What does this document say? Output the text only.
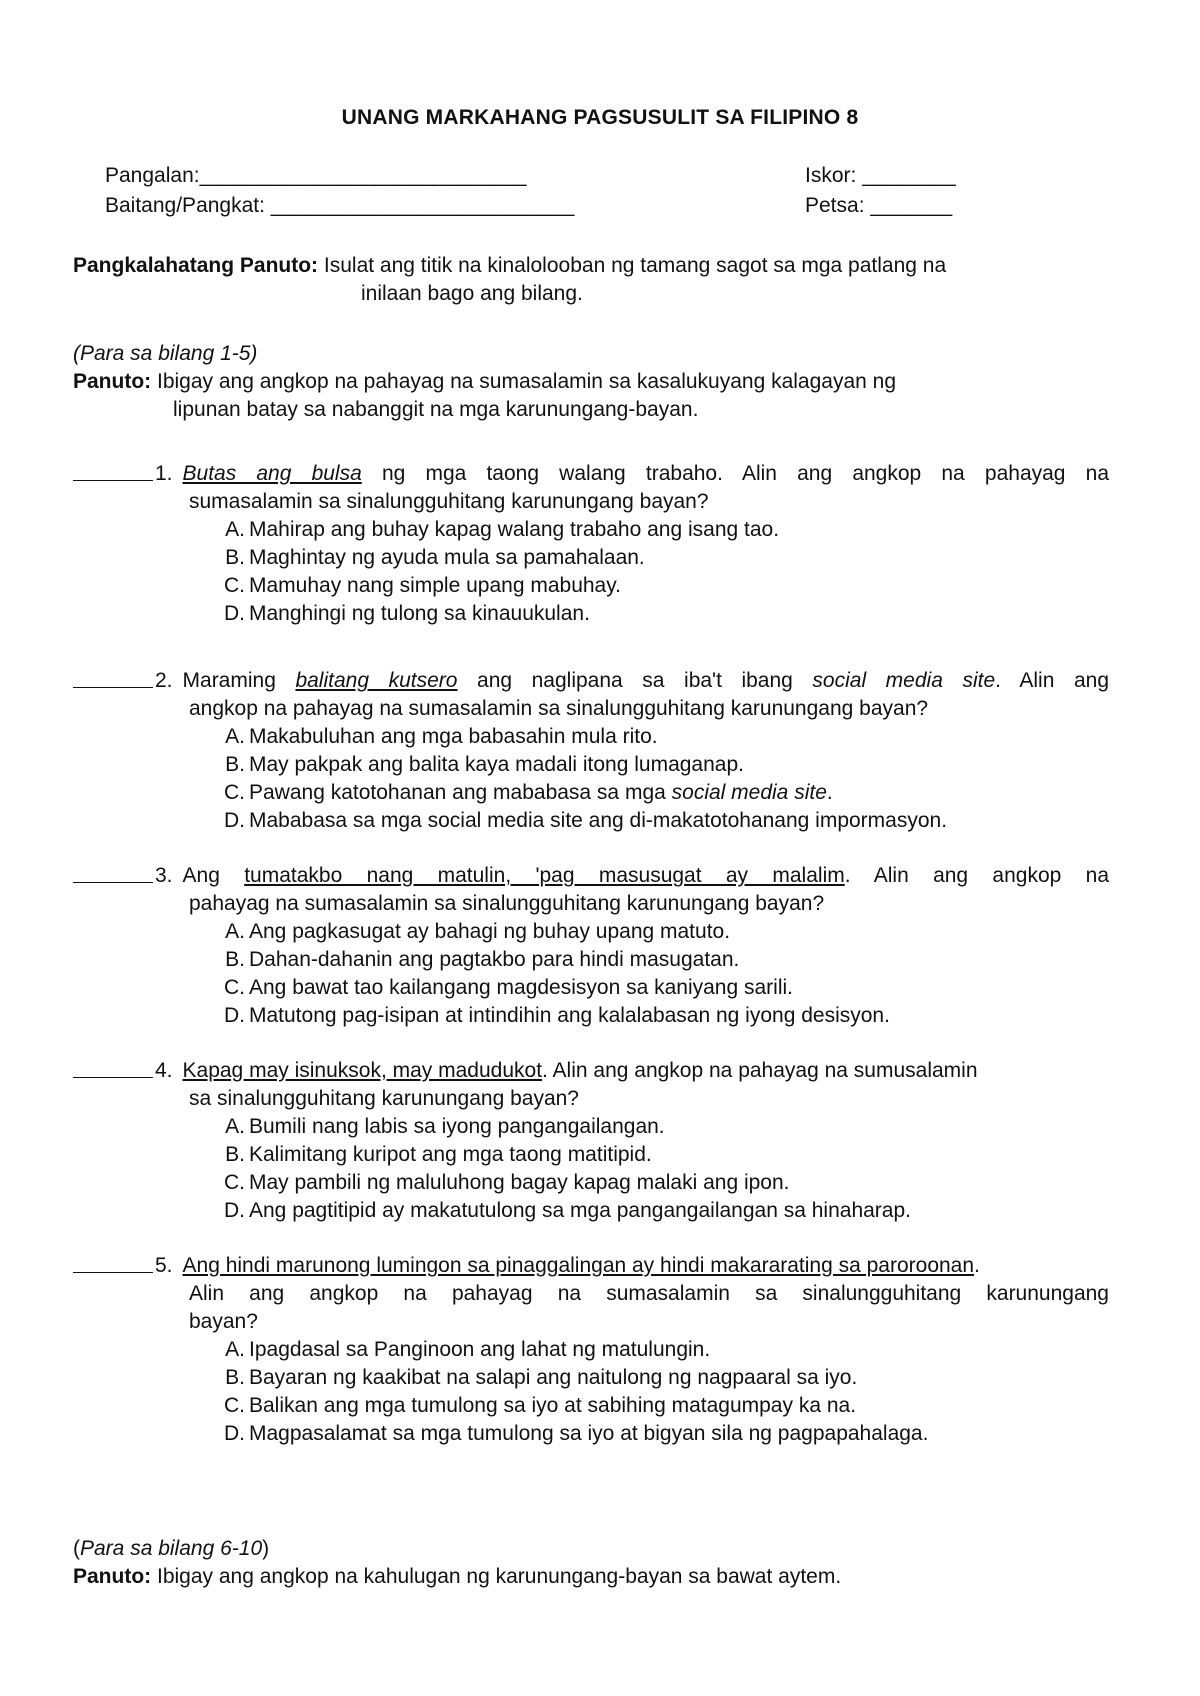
UNANG MARKAHANG PAGSUSULIT SA FILIPINO 8
Pangalan:____________________________	Iskor: ________
Baitang/Pangkat: __________________________	Petsa: _______
Pangkalahatang Panuto: Isulat ang titik na kinalolooban ng tamang sagot sa mga patlang na
inilaan bago ang bilang.
(Para sa bilang 1-5)
Panuto: Ibigay ang angkop na pahayag na sumasalamin sa kasalukuyang kalagayan ng
lipunan batay sa nabanggit na mga karunungang-bayan.
1. Butas ang bulsa ng mga taong walang trabaho. Alin ang angkop na pahayag na
sumasalamin sa sinalungguhitang karunungang bayan?
A. Mahirap ang buhay kapag walang trabaho ang isang tao.
B. Maghintay ng ayuda mula sa pamahalaan.
C. Mamuhay nang simple upang mabuhay.
D. Manghingi ng tulong sa kinauukulan.
2. Maraming balitang kutsero ang naglipana sa iba't ibang social media site. Alin ang
angkop na pahayag na sumasalamin sa sinalungguhitang karunungang bayan?
A. Makabuluhan ang mga babasahin mula rito.
B. May pakpak ang balita kaya madali itong lumaganap.
C. Pawang katotohanan ang mababasa sa mga social media site .
D. Mababasa sa mga social media site ang di-makatotohanang impormasyon.
3. Ang tumatakbo nang matulin, 'pag masusugat ay malalim. Alin ang angkop na
pahayag na sumasalamin sa sinalungguhitang karunungang bayan?
A. Ang pagkasugat ay bahagi ng buhay upang matuto.
B. Dahan-dahanin ang pagtakbo para hindi masugatan.
C. Ang bawat tao kailangang magdesisyon sa kaniyang sarili.
D. Matutong pag-isipan at intindihin ang kalalabasan ng iyong desisyon.
4. Kapag may isinuksok, may madudukot. Alin ang angkop na pahayag na sumusalamin
sa sinalungguhitang karunungang bayan?
A. Bumili nang labis sa iyong pangangailangan.
B. Kalimitang kuripot ang mga taong matitipid.
C. May pambili ng maluluhong bagay kapag malaki ang ipon.
D. Ang pagtitipid ay makatutulong sa mga pangangailangan sa hinaharap.
5. Ang hindi marunong lumingon sa pinaggalingan ay hindi makararating sa paroroonan.
Alin ang angkop na pahayag na sumasalamin sa sinalungguhitang karunungang
bayan?
A. Ipagdasal sa Panginoon ang lahat ng matulungin.
B. Bayaran ng kaakibat na salapi ang naitulong ng nagpaaral sa iyo.
C. Balikan ang mga tumulong sa iyo at sabihing matagumpay ka na.
D. Magpasalamat sa mga tumulong sa iyo at bigyan sila ng pagpapahalaga.
(Para sa bilang 6-10)
Panuto: Ibigay ang angkop na kahulugan ng karunungang-bayan sa bawat aytem.
